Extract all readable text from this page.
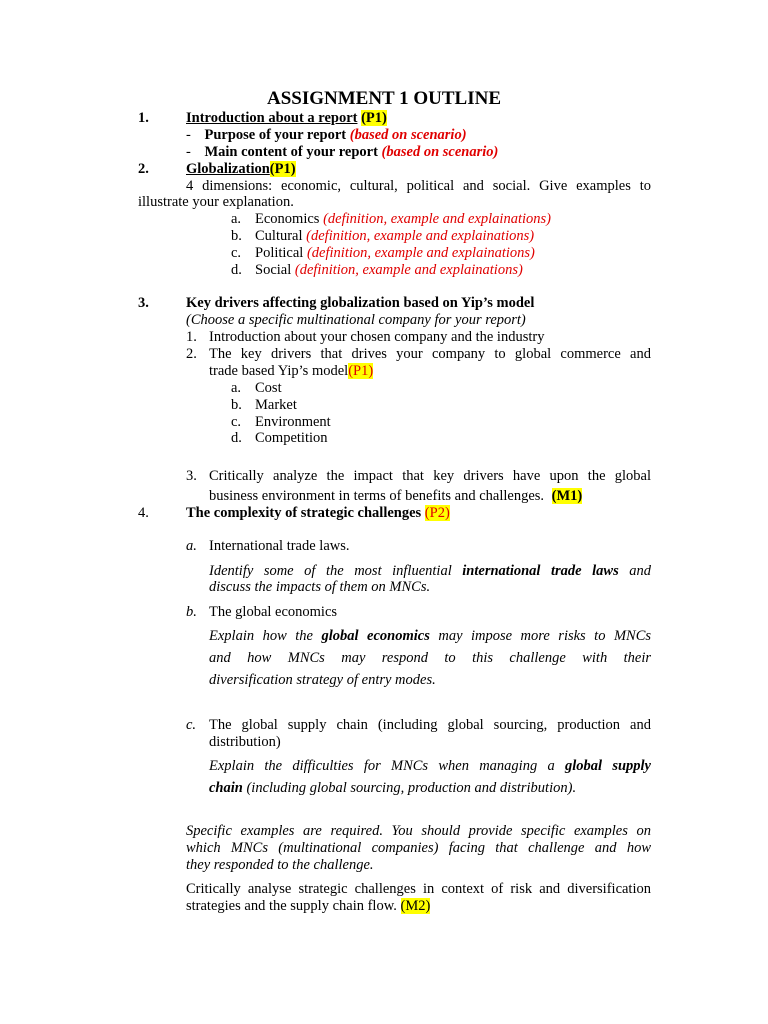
ASSIGNMENT 1 OUTLINE
1.	Introduction about a report (P1)
- Purpose of your report (based on scenario)
- Main content of your report (based on scenario)
2.	Globalization(P1)
4 dimensions: economic, cultural, political and social. Give examples to
illustrate your explanation.
a. Economics (definition, example and explainations)
b. Cultural (definition, example and explainations)
c. Political (definition, example and explainations)
d. Social (definition, example and explainations)
3.	Key drivers affecting globalization based on Yip’s model
(Choose a specific multinational company for your report)
1. Introduction about your chosen company and the industry
2. The key drivers that drives your company to global commerce and
trade based Yip’s model(P1)
a. Cost
b. Market
c. Environment
d. Competition
3. Critically analyze the impact that key drivers have upon the global
business environment in terms of benefits and challenges. (M1)
4.	The complexity of strategic challenges (P2)
a. International trade laws.
Identify some of the most influential international trade laws and
discuss the impacts of them on MNCs.
b. The global economics
Explain how the global economics may impose more risks to MNCs
and how MNCs may respond to this challenge with their
diversification strategy of entry modes.
c. The global supply chain (including global sourcing, production and
distribution)
Explain the difficulties for MNCs when managing a global supply
chain (including global sourcing, production and distribution).
Specific examples are required. You should provide specific examples on
which MNCs (multinational companies) facing that challenge and how
they responded to the challenge.
Critically analyse strategic challenges in context of risk and diversification
strategies and the supply chain flow. (M2)
